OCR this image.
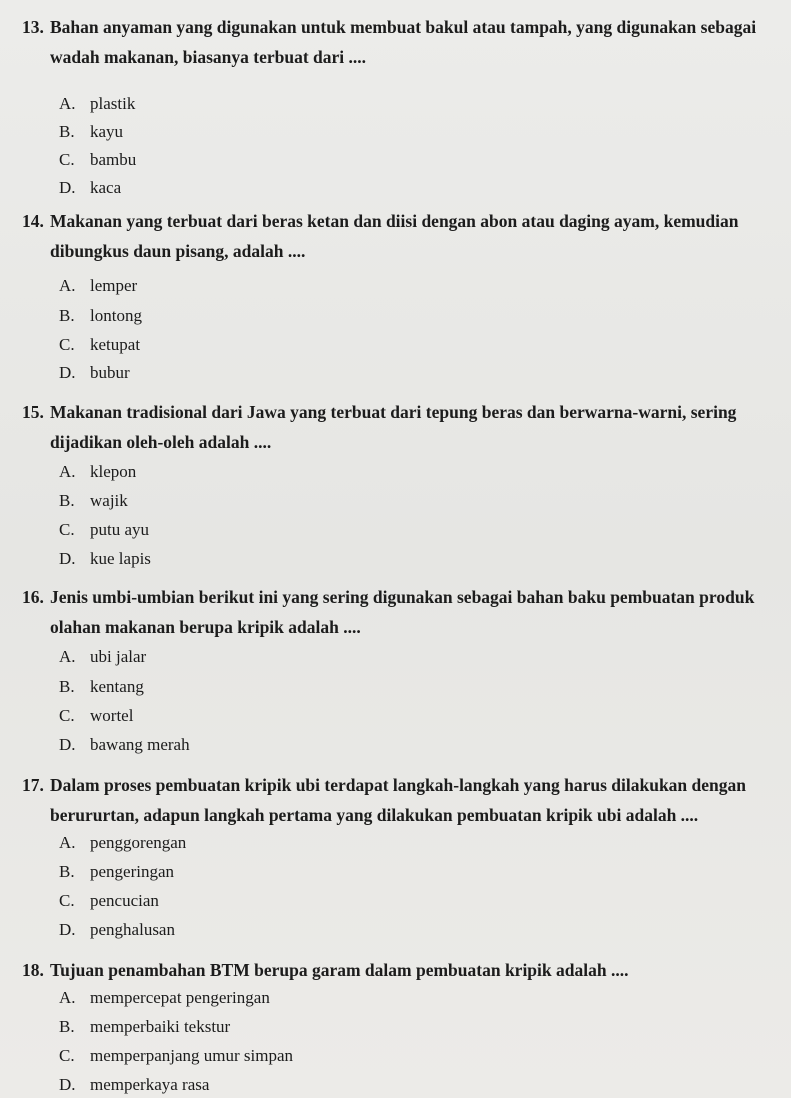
13. Bahan anyaman yang digunakan untuk membuat bakul atau tampah, yang digunakan sebagai
wadah makanan, biasanya terbuat dari ....
A. plastik
B. kayu
C. bambu
D. kaca
14. Makanan yang terbuat dari beras ketan dan diisi dengan abon atau daging ayam, kemudian
dibungkus daun pisang, adalah ....
A. lemper
B. lontong
C. ketupat
D. bubur
15. Makanan tradisional dari Jawa yang terbuat dari tepung beras dan berwarna-warni, sering
dijadikan oleh-oleh adalah ....
A. klepon
B. wajik
C. putu ayu
D. kue lapis
16. Jenis umbi-umbian berikut ini yang sering digunakan sebagai bahan baku pembuatan produk
olahan makanan berupa kripik adalah ....
A. ubi jalar
B. kentang
C. wortel
D. bawang merah
17. Dalam proses pembuatan kripik ubi terdapat langkah-langkah yang harus dilakukan dengan
berururtan, adapun langkah pertama yang dilakukan pembuatan kripik ubi adalah ....
A. penggorengan
B. pengeringan
C. pencucian
D. penghalusan
18. Tujuan penambahan BTM berupa garam dalam pembuatan kripik adalah ....
A. mempercepat pengeringan
B. memperbaiki tekstur
C. memperpanjang umur simpan
D. memperkaya rasa
